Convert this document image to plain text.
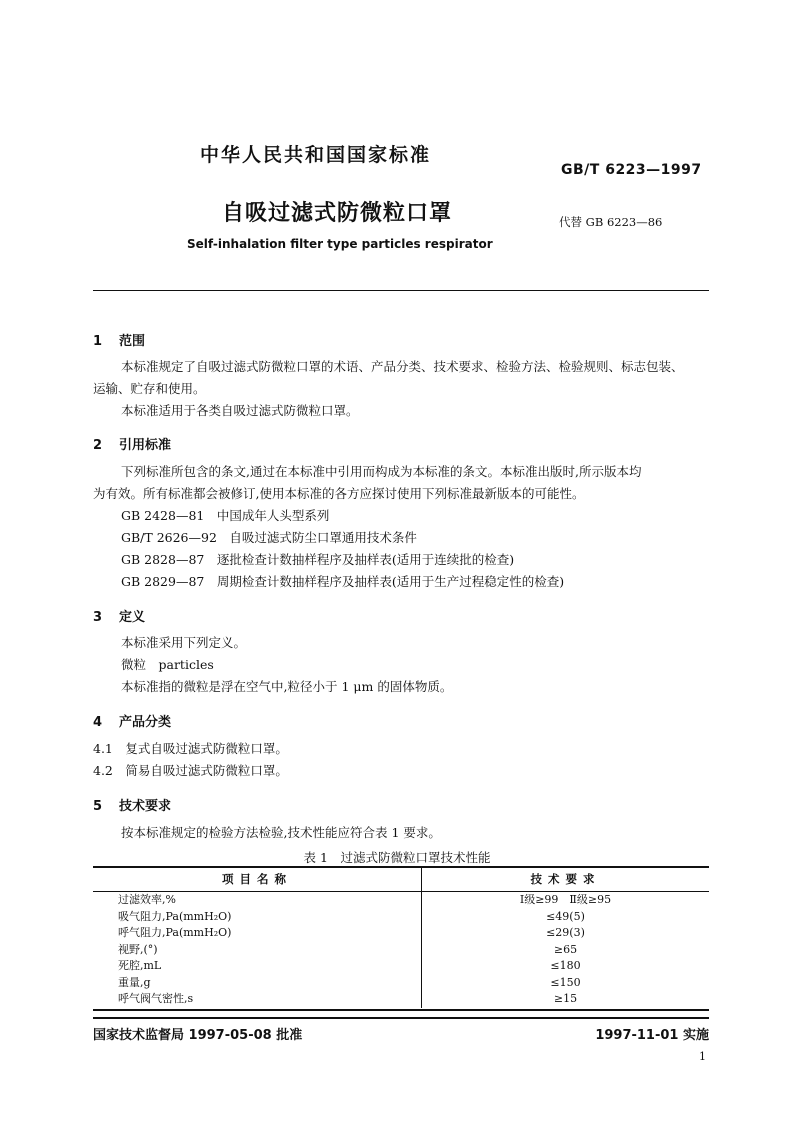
中华人民共和国国家标准
GB/T 6223—1997
自吸过滤式防微粒口罩	代替 GB 6223—86
Self-inhalation filter type particles respirator
1 范围
本标准规定了自吸过滤式防微粒口罩的术语、产品分类、技术要求、检验方法、检验规则、标志包装、
运输、贮存和使用。
本标准适用于各类自吸过滤式防微粒口罩。
2 引用标准
下列标准所包含的条文,通过在本标准中引用而构成为本标准的条文。本标准出版时,所示版本均
为有效。所有标准都会被修订,使用本标准的各方应探讨使用下列标准最新版本的可能性。
GB 2428—81　中国成年人头型系列
GB/T 2626—92　自吸过滤式防尘口罩通用技术条件
GB 2828—87　逐批检查计数抽样程序及抽样表(适用于连续批的检查)
GB 2829—87　周期检查计数抽样程序及抽样表(适用于生产过程稳定性的检查)
3 定义
本标准采用下列定义。
微粒　particles
本标准指的微粒是浮在空气中,粒径小于 1 μm 的固体物质。
4 产品分类
4.1　复式自吸过滤式防微粒口罩。
4.2　简易自吸过滤式防微粒口罩。
5 技术要求
按本标准规定的检验方法检验,技术性能应符合表 1 要求。
表 1　过滤式防微粒口罩技术性能
项目名称	技术要求
过滤效率,%	Ⅰ级≥99　Ⅱ级≥95
吸气阻力,Pa(mmH₂O)	≤49(5)
呼气阻力,Pa(mmH₂O)	≤29(3)
视野,(°)	≥65
死腔,mL	≤180
重量,g	≤150
呼气阀气密性,s	≥15
国家技术监督局 1997-05-08 批准	1997-11-01 实施
1
